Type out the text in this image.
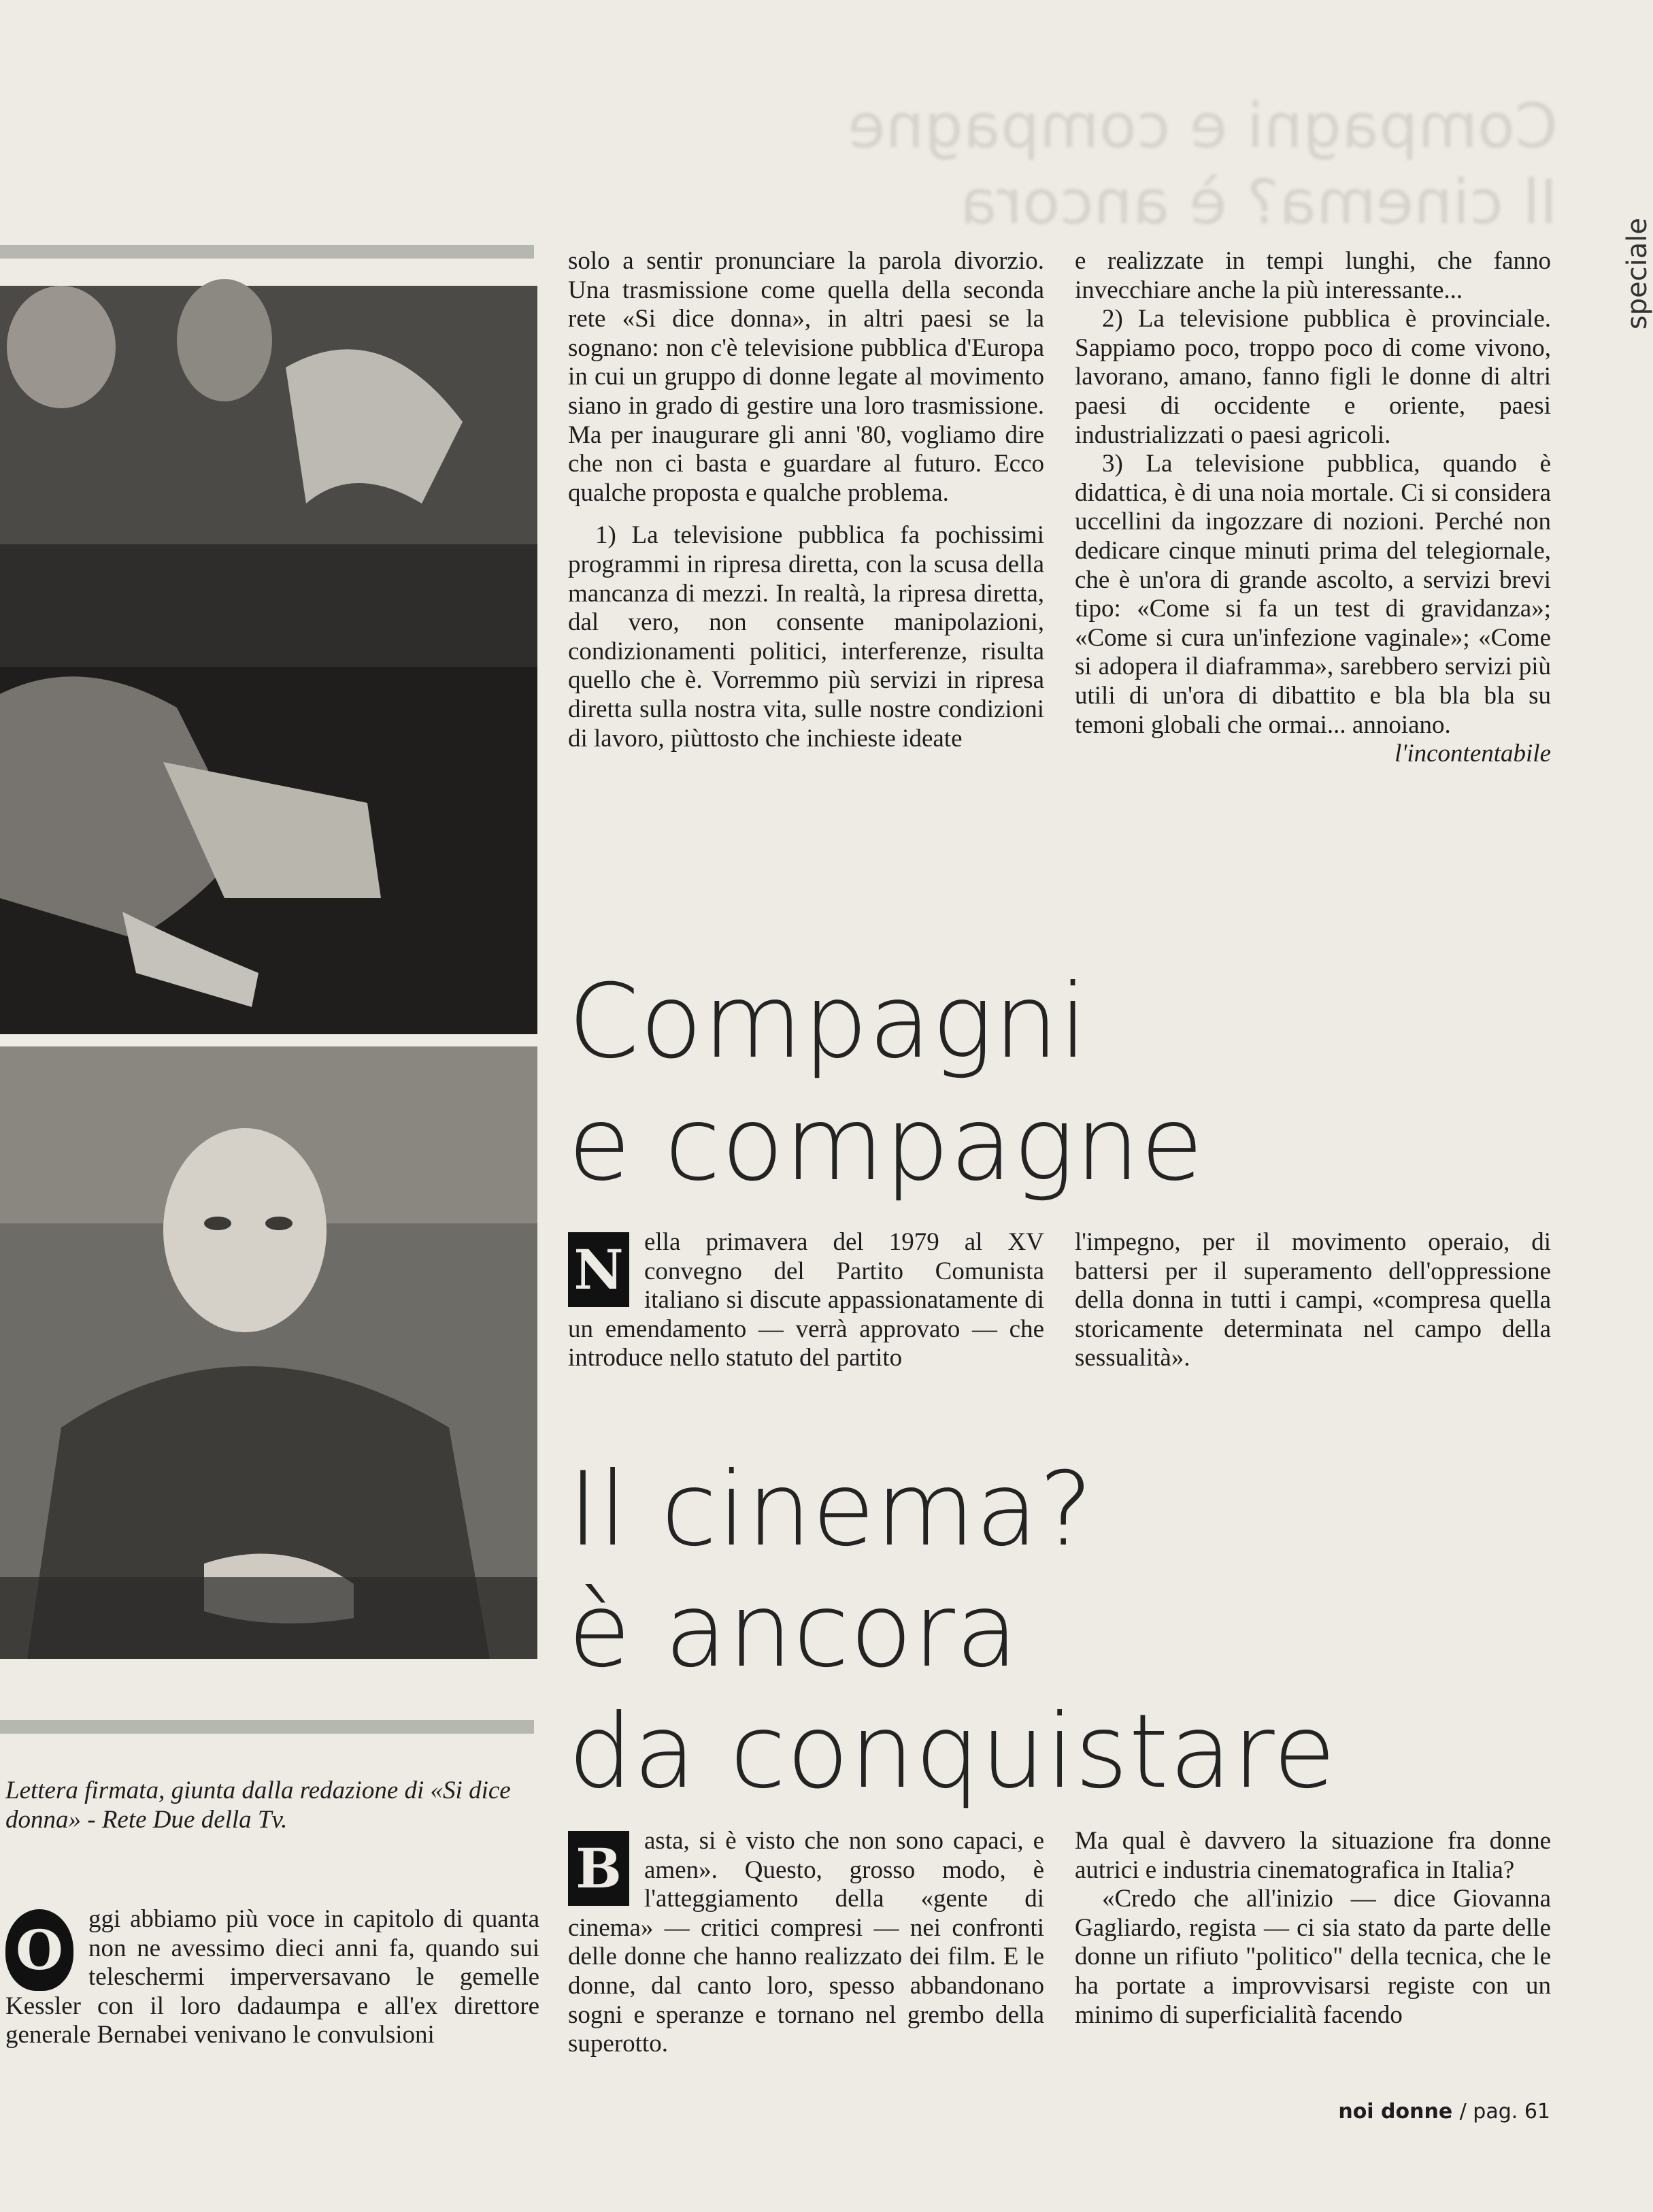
Compagni e compagne
Il cinema? è ancora
speciale

solo a sentir pronunciare la parola divorzio. Una trasmissione come quella della seconda rete «Si dice donna», in altri paesi se la sognano: non c'è televisione pubblica d'Europa in cui un gruppo di donne legate al movimento siano in grado di gestire una loro trasmissione. Ma per inaugurare gli anni '80, vogliamo dire che non ci basta e guardare al futuro. Ecco qualche proposta e qualche problema.

1) La televisione pubblica fa pochissimi programmi in ripresa diretta, con la scusa della mancanza di mezzi. In realtà, la ripresa diretta, dal vero, non consente manipolazioni, condizionamenti politici, interferenze, risulta quello che è. Vorremmo più servizi in ripresa diretta sulla nostra vita, sulle nostre condizioni di lavoro, piùttosto che inchieste ideate

e realizzate in tempi lunghi, che fanno invecchiare anche la più interessante...

2) La televisione pubblica è provinciale. Sappiamo poco, troppo poco di come vivono, lavorano, amano, fanno figli le donne di altri paesi di occidente e oriente, paesi industrializzati o paesi agricoli.

3) La televisione pubblica, quando è didattica, è di una noia mortale. Ci si considera uccellini da ingozzare di nozioni. Perché non dedicare cinque minuti prima del telegiornale, che è un'ora di grande ascolto, a servizi brevi tipo: «Come si fa un test di gravidanza»; «Come si cura un'infezione vaginale»; «Come si adopera il diaframma», sarebbero servizi più utili di un'ora di dibattito e bla bla bla su temoni globali che ormai... annoiano.

l'incontentabile

Compagni
e compagne

N ella primavera del 1979 al XV convegno del Partito Comunista italiano si discute appassionatamente di un emendamento — verrà approvato — che introduce nello statuto del partito

l'impegno, per il movimento operaio, di battersi per il superamento dell'oppressione della donna in tutti i campi, «compresa quella storicamente determinata nel campo della sessualità».

Il cinema?
è ancora
da conquistare

B asta, si è visto che non sono capaci, e amen». Questo, grosso modo, è l'atteggiamento della «gente di cinema» — critici compresi — nei confronti delle donne che hanno realizzato dei film. E le donne, dal canto loro, spesso abbandonano sogni e speranze e tornano nel grembo della superotto.

Ma qual è davvero la situazione fra donne autrici e industria cinematografica in Italia?

«Credo che all'inizio — dice Giovanna Gagliardo, regista — ci sia stato da parte delle donne un rifiuto "politico" della tecnica, che le ha portate a improvvisarsi registe con un minimo di superficialità facendo

Lettera firmata, giunta dalla redazione di «Si dice donna» - Rete Due della Tv.

O	ggi abbiamo più voce in capitolo di quanta non ne avessimo dieci anni fa, quando sui teleschermi imperversavano le gemelle Kessler con il loro dadaumpa e all'ex direttore generale Bernabei venivano le convulsioni

noi donne / pag. 61
